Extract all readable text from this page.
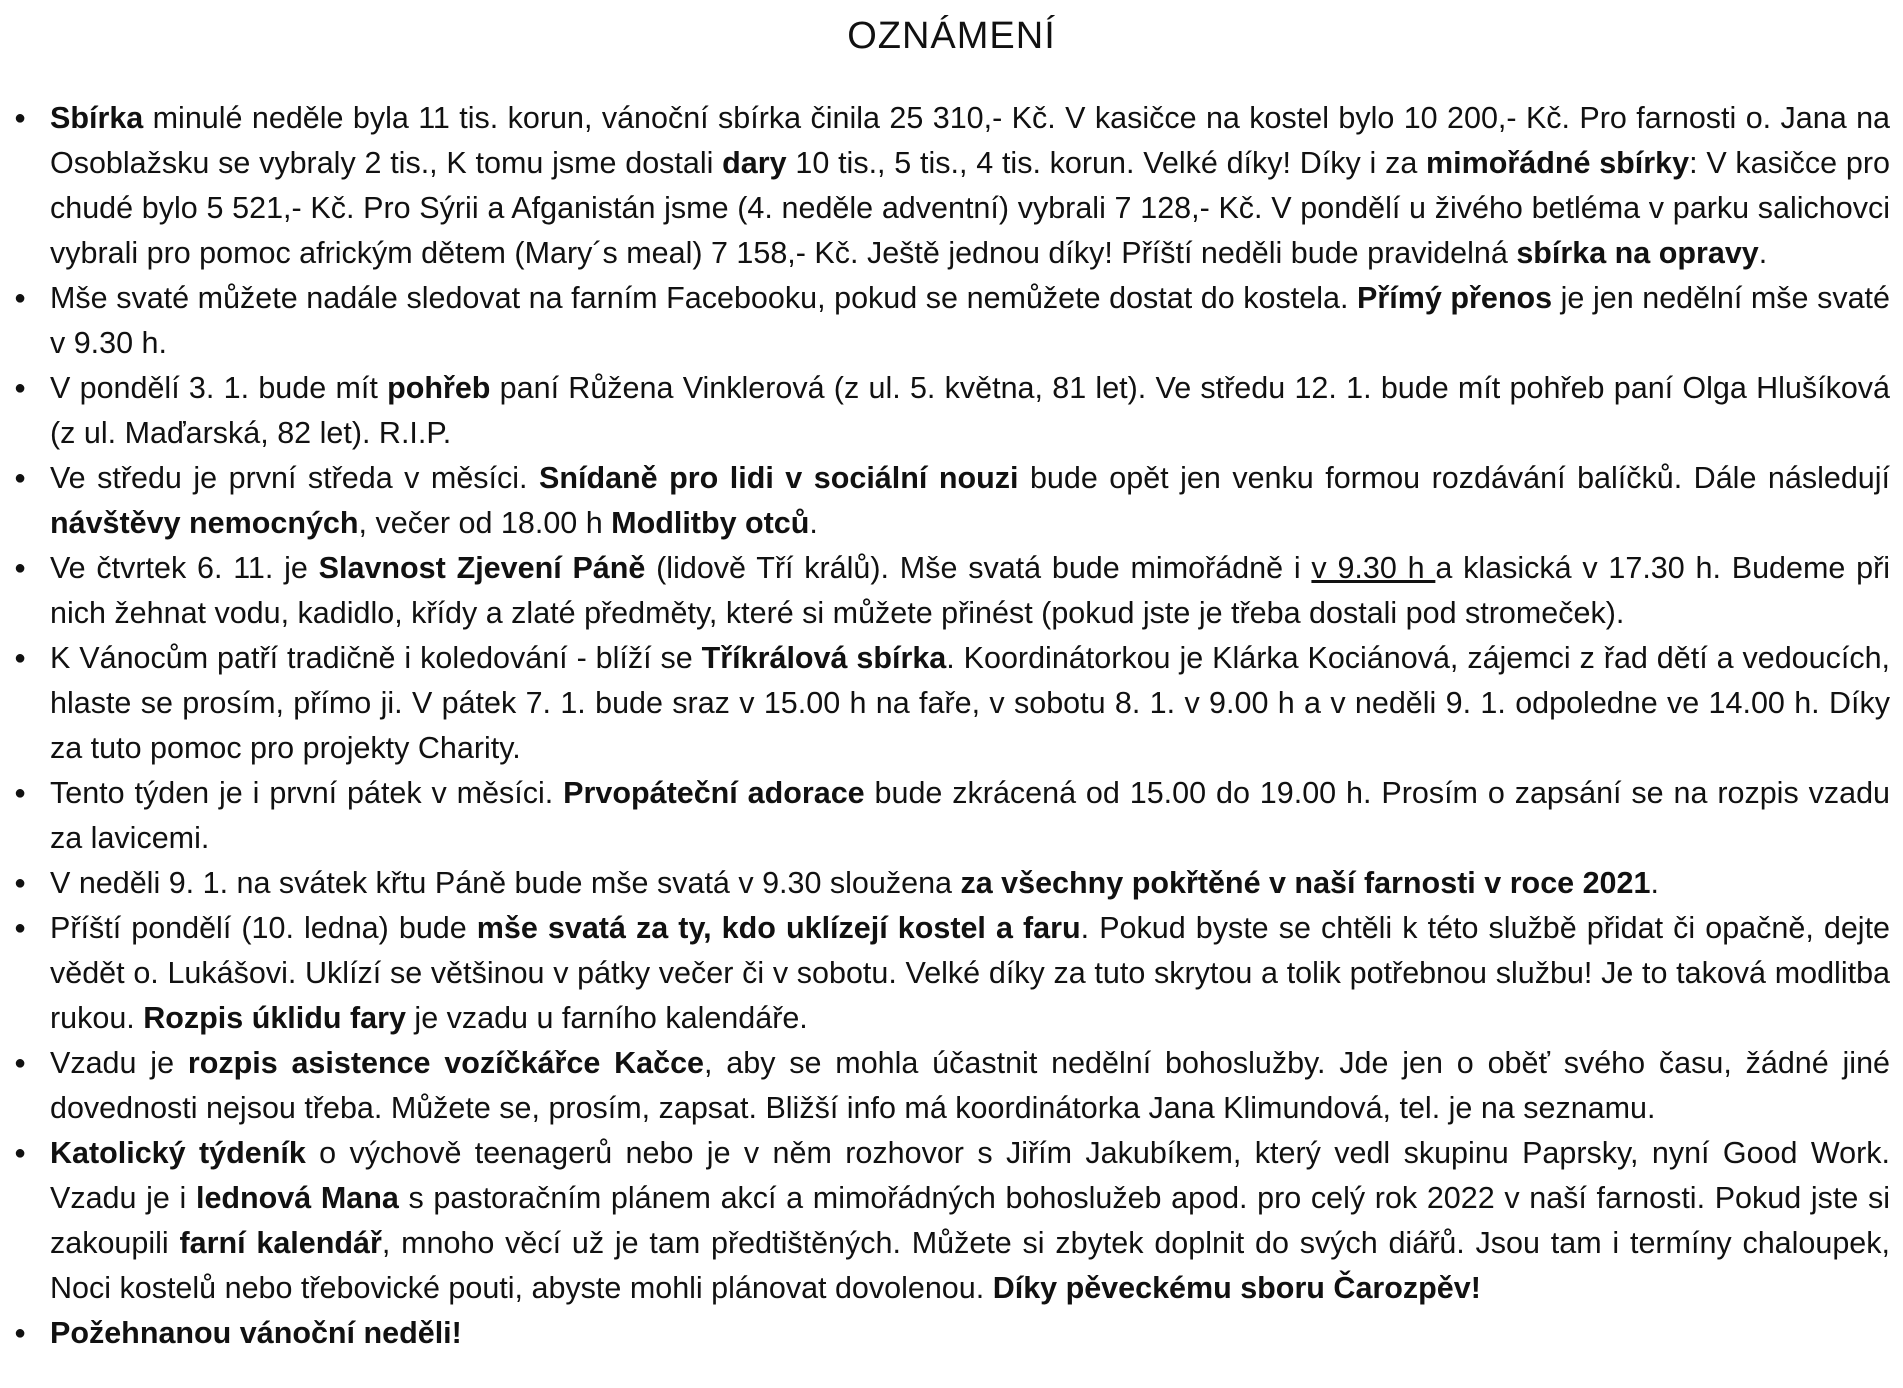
OZNÁMENÍ
● Sbírka minulé neděle byla 11 tis. korun, vánoční sbírka činila 25 310,- Kč. V kasičce na kostel bylo 10 200,- Kč. Pro farnosti o. Jana na Osoblažsku se vybraly 2 tis., K tomu jsme dostali dary 10 tis., 5 tis., 4 tis. korun. Velké díky! Díky i za mimořádné sbírky: V kasičce pro chudé bylo 5 521,- Kč. Pro Sýrii a Afganistán jsme (4. neděle adventní) vybrali 7 128,- Kč. V pondělí u živého betléma v parku salichovci vybrali pro pomoc africkým dětem (Mary´s meal) 7 158,- Kč. Ještě jednou díky! Příští neděli bude pravidelná sbírka na opravy.
● Mše svaté můžete nadále sledovat na farním Facebooku, pokud se nemůžete dostat do kostela. Přímý přenos je jen nedělní mše svaté v 9.30 h.
● V pondělí 3. 1. bude mít pohřeb paní Růžena Vinklerová (z ul. 5. května, 81 let). Ve středu 12. 1. bude mít pohřeb paní Olga Hlušíková (z ul. Maďarská, 82 let). R.I.P.
● Ve středu je první středa v měsíci. Snídaně pro lidi v sociální nouzi bude opět jen venku formou rozdávání balíčků. Dále následují návštěvy nemocných, večer od 18.00 h Modlitby otců.
● Ve čtvrtek 6. 11. je Slavnost Zjevení Páně (lidově Tří králů). Mše svatá bude mimořádně i v 9.30 h a klasická v 17.30 h. Budeme při nich žehnat vodu, kadidlo, křídy a zlaté předměty, které si můžete přinést (pokud jste je třeba dostali pod stromeček).
● K Vánocům patří tradičně i koledování - blíží se Tříkrálová sbírka. Koordinátorkou je Klárka Kociánová, zájemci z řad dětí a vedoucích, hlaste se prosím, přímo ji. V pátek 7. 1. bude sraz v 15.00 h na faře, v sobotu 8. 1. v 9.00 h a v neděli 9. 1. odpoledne ve 14.00 h. Díky za tuto pomoc pro projekty Charity.
● Tento týden je i první pátek v měsíci. Prvopáteční adorace bude zkrácená od 15.00 do 19.00 h. Prosím o zapsání se na rozpis vzadu za lavicemi.
● V neděli 9. 1. na svátek křtu Páně bude mše svatá v 9.30 sloužena za všechny pokřtěné v naší farnosti v roce 2021.
● Příští pondělí (10. ledna) bude mše svatá za ty, kdo uklízejí kostel a faru. Pokud byste se chtěli k této službě přidat či opačně, dejte vědět o. Lukášovi. Uklízí se většinou v pátky večer či v sobotu. Velké díky za tuto skrytou a tolik potřebnou službu! Je to taková modlitba rukou. Rozpis úklidu fary je vzadu u farního kalendáře.
● Vzadu je rozpis asistence vozíčkářce Kačce, aby se mohla účastnit nedělní bohoslužby. Jde jen o oběť svého času, žádné jiné dovednosti nejsou třeba. Můžete se, prosím, zapsat. Bližší info má koordinátorka Jana Klimundová, tel. je na seznamu.
● Katolický týdeník o výchově teenagerů nebo je v něm rozhovor s Jiřím Jakubíkem, který vedl skupinu Paprsky, nyní Good Work. Vzadu je i lednová Mana s pastoračním plánem akcí a mimořádných bohoslužeb apod. pro celý rok 2022 v naší farnosti. Pokud jste si zakoupili farní kalendář, mnoho věcí už je tam předtištěných. Můžete si zbytek doplnit do svých diářů. Jsou tam i termíny chaloupek, Noci kostelů nebo třebovické pouti, abyste mohli plánovat dovolenou. Díky pěveckému sboru Čarozpěv!
● Požehnanou vánoční neděli!
